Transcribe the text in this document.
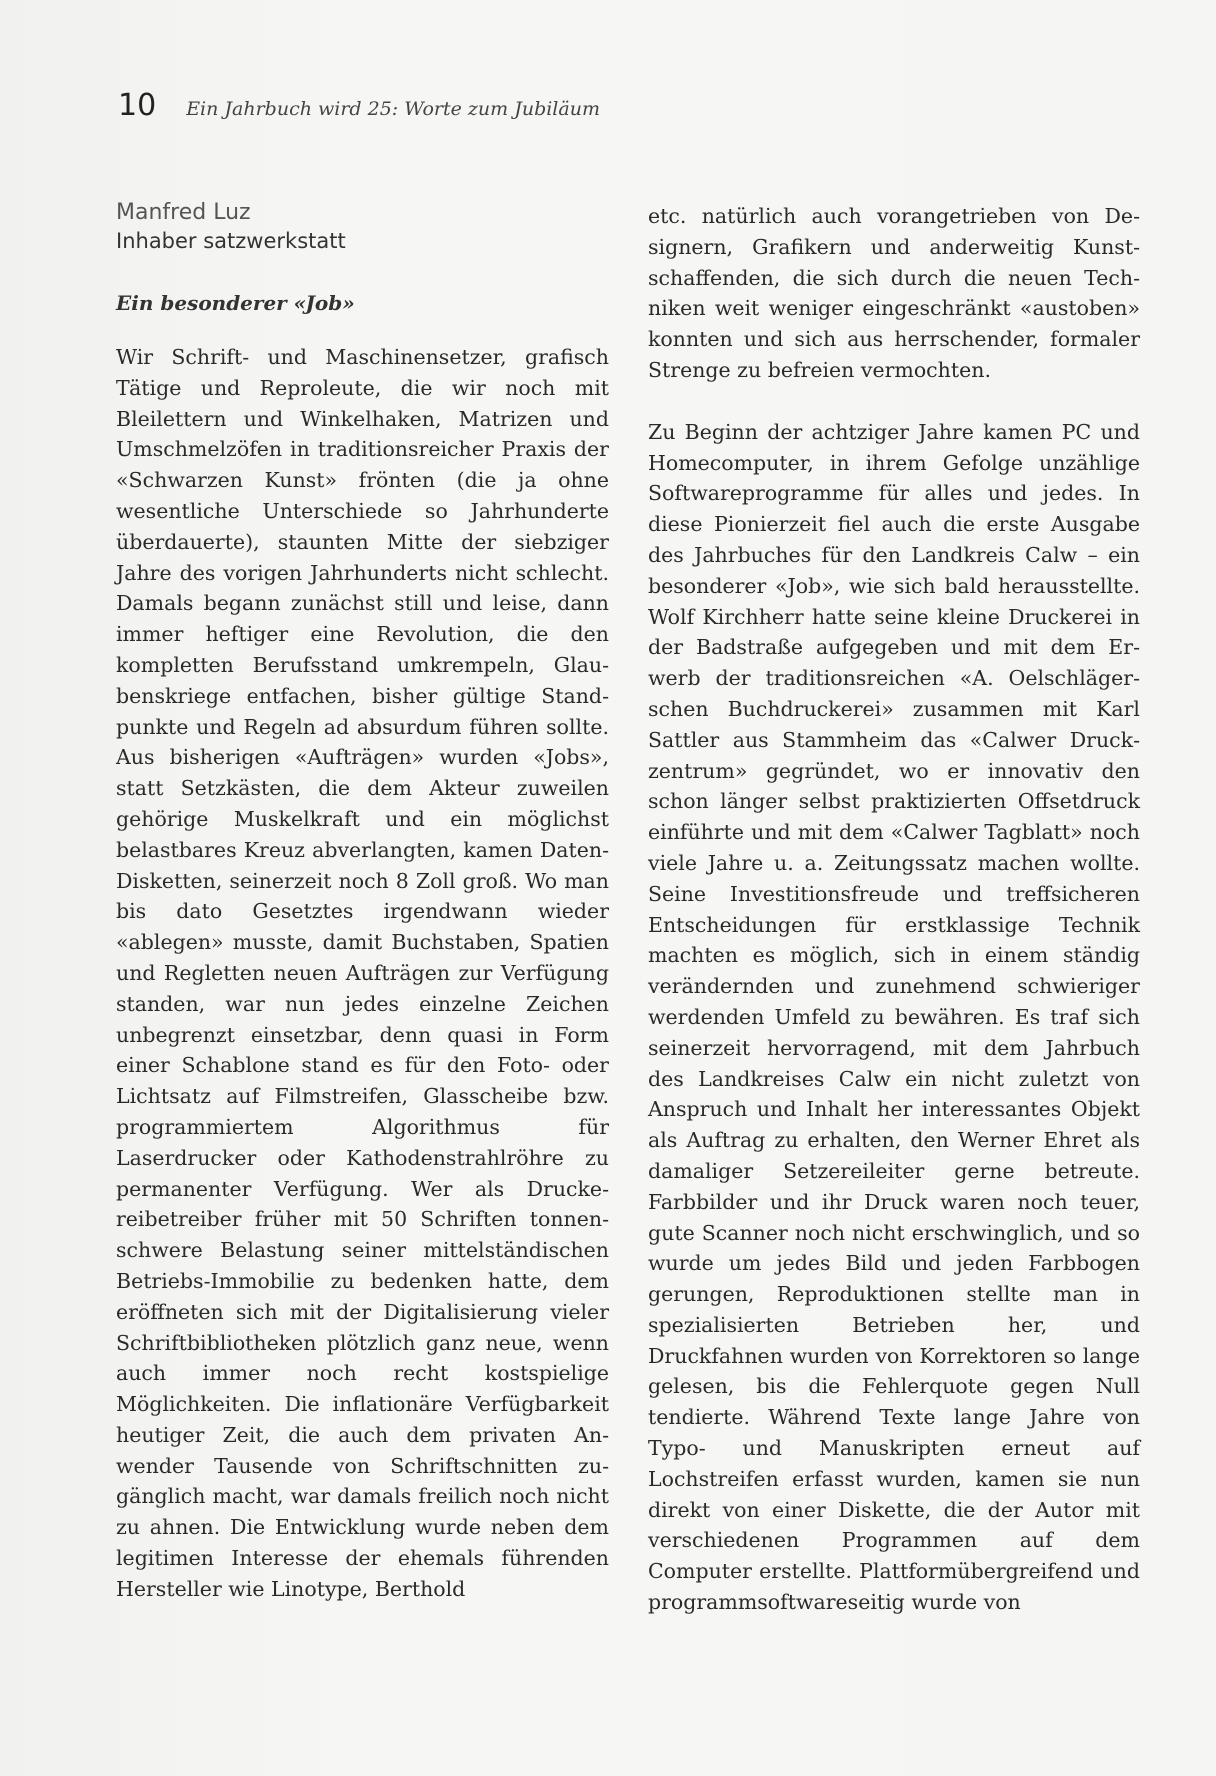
10 Ein Jahrbuch wird 25: Worte zum Jubiläum
Manfred Luz
Inhaber satzwerkstatt
Ein besonderer «Job»

Wir Schrift- und Maschinensetzer, grafisch Tätige und Reproleute, die wir noch mit Bleilettern und Winkelhaken, Matrizen und Umschmelzöfen in traditionsreicher Praxis der «Schwarzen Kunst» frönten (die ja ohne wesentliche Unterschiede so Jahrhunderte überdauerte), staunten Mitte der siebziger Jahre des vorigen Jahrhunderts nicht schlecht. Damals begann zunächst still und leise, dann immer heftiger eine Revolution, die den kompletten Berufsstand umkrempeln, Glaubenskriege entfachen, bisher gültige Standpunkte und Regeln ad absurdum führen sollte. Aus bisherigen «Aufträgen» wurden «Jobs», statt Setzkästen, die dem Akteur zuweilen gehörige Muskelkraft und ein möglichst belastbares Kreuz abverlangten, kamen Daten-Disketten, seinerzeit noch 8 Zoll groß. Wo man bis dato Gesetztes irgendwann wieder «ablegen» musste, damit Buchstaben, Spatien und Regletten neuen Aufträgen zur Verfügung standen, war nun jedes einzelne Zeichen unbegrenzt einsetzbar, denn quasi in Form einer Schablone stand es für den Foto- oder Lichtsatz auf Filmstreifen, Glasscheibe bzw. programmiertem Algorithmus für Laserdrucker oder Kathodenstrahlröhre zu permanenter Verfügung. Wer als Druckereibetreiber früher mit 50 Schriften tonnenschwere Belastung seiner mittelständischen Betriebs-Immobilie zu bedenken hatte, dem eröffneten sich mit der Digitalisierung vieler Schriftbibliotheken plötzlich ganz neue, wenn auch immer noch recht kostspielige Möglichkeiten. Die inflationäre Verfügbarkeit heutiger Zeit, die auch dem privaten Anwender Tausende von Schriftschnitten zugänglich macht, war damals freilich noch nicht zu ahnen. Die Entwicklung wurde neben dem legitimen Interesse der ehemals führenden Hersteller wie Linotype, Berthold

etc. natürlich auch vorangetrieben von Designern, Grafikern und anderweitig Kunstschaffenden, die sich durch die neuen Techniken weit weniger eingeschränkt «austoben» konnten und sich aus herrschender, formaler Strenge zu befreien vermochten.

Zu Beginn der achtziger Jahre kamen PC und Homecomputer, in ihrem Gefolge unzählige Softwareprogramme für alles und jedes. In diese Pionierzeit fiel auch die erste Ausgabe des Jahrbuches für den Landkreis Calw – ein besonderer «Job», wie sich bald herausstellte. Wolf Kirchherr hatte seine kleine Druckerei in der Badstraße aufgegeben und mit dem Erwerb der traditionsreichen «A. Oelschlägerschen Buchdruckerei» zusammen mit Karl Sattler aus Stammheim das «Calwer Druckzentrum» gegründet, wo er innovativ den schon länger selbst praktizierten Offsetdruck einführte und mit dem «Calwer Tagblatt» noch viele Jahre u. a. Zeitungssatz machen wollte. Seine Investitionsfreude und treffsicheren Entscheidungen für erstklassige Technik machten es möglich, sich in einem ständig verändernden und zunehmend schwieriger werdenden Umfeld zu bewähren. Es traf sich seinerzeit hervorragend, mit dem Jahrbuch des Landkreises Calw ein nicht zuletzt von Anspruch und Inhalt her interessantes Objekt als Auftrag zu erhalten, den Werner Ehret als damaliger Setzereileiter gerne betreute. Farbbilder und ihr Druck waren noch teuer, gute Scanner noch nicht erschwinglich, und so wurde um jedes Bild und jeden Farbbogen gerungen, Reproduktionen stellte man in spezialisierten Betrieben her, und Druckfahnen wurden von Korrektoren so lange gelesen, bis die Fehlerquote gegen Null tendierte. Während Texte lange Jahre von Typo- und Manuskripten erneut auf Lochstreifen erfasst wurden, kamen sie nun direkt von einer Diskette, die der Autor mit verschiedenen Programmen auf dem Computer erstellte. Plattformübergreifend und programmsoftwareseitig wurde von
